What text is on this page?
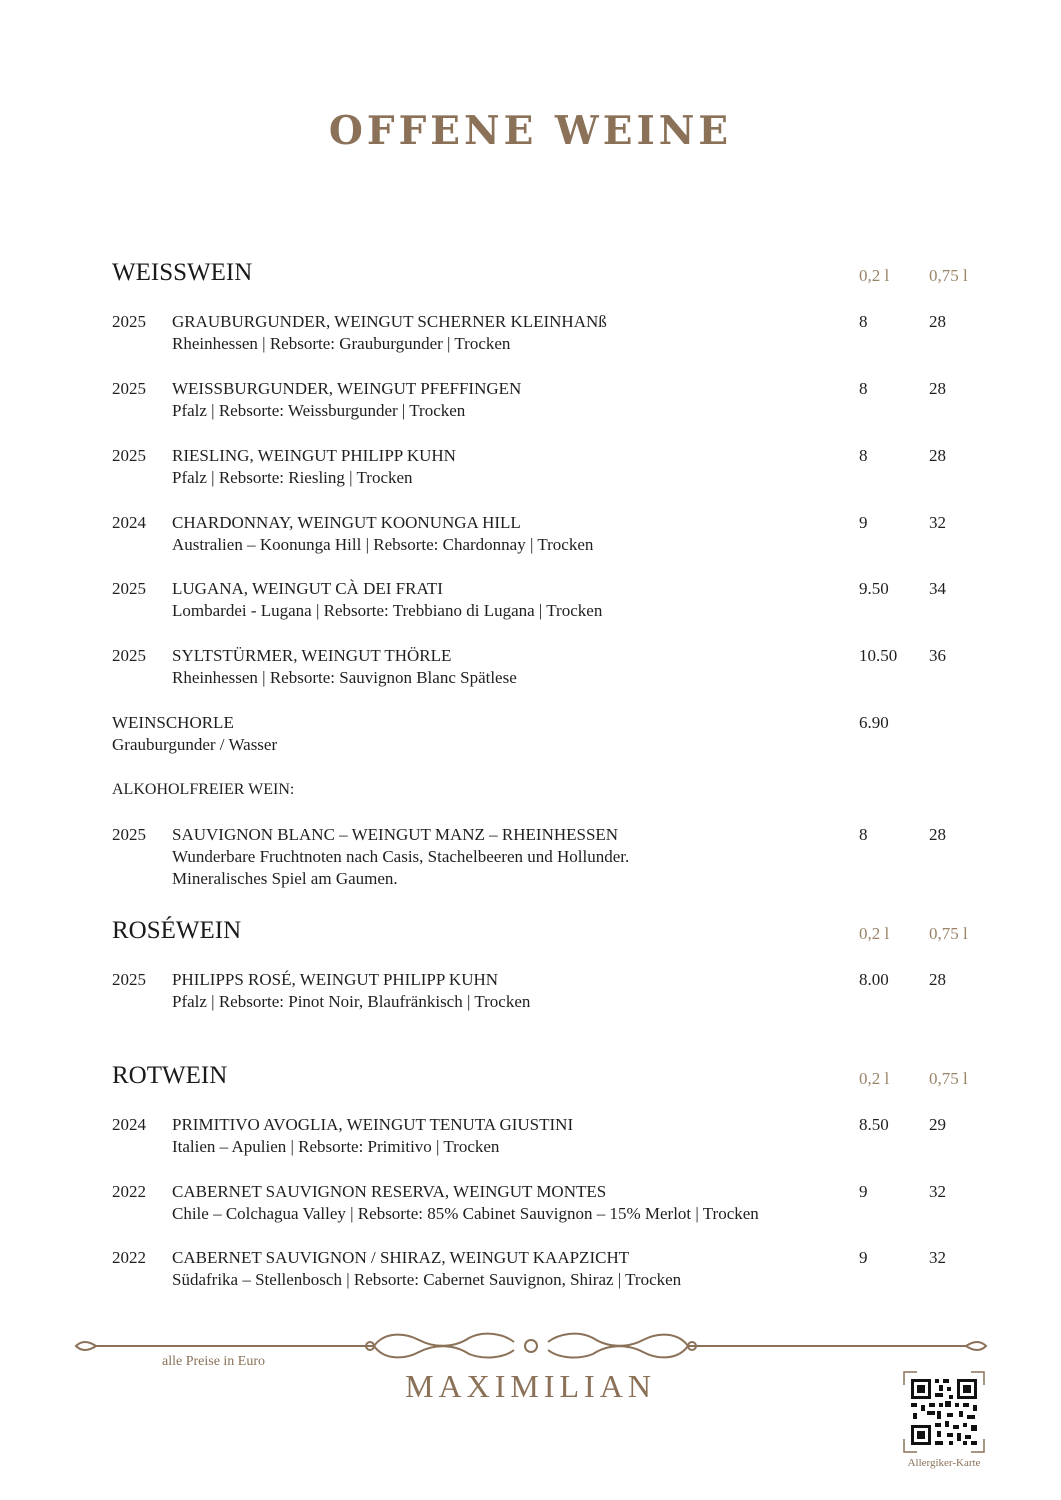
OFFENE WEINE
WEISSWEIN	0,2 l 0,75 l
2025 GRAUBURGUNDER, WEINGUT SCHERNER KLEINHANß
Rheinhessen | Rebsorte: Grauburgunder | Trocken
8	28
2025 WEISSBURGUNDER, WEINGUT PFEFFINGEN
Pfalz | Rebsorte: Weissburgunder | Trocken
8	28
2025 RIESLING, WEINGUT PHILIPP KUHN
Pfalz | Rebsorte: Riesling | Trocken
8	28
2024 CHARDONNAY, WEINGUT KOONUNGA HILL
Australien – Koonunga Hill | Rebsorte: Chardonnay | Trocken
9	32
2025 LUGANA, WEINGUT CÀ DEI FRATI
Lombardei - Lugana | Rebsorte: Trebbiano di Lugana | Trocken
9.50 34
2025 SYLTSTÜRMER, WEINGUT THÖRLE
Rheinhessen | Rebsorte: Sauvignon Blanc Spätlese
10.50 36
WEINSCHORLE
Grauburgunder / Wasser
6.90
ALKOHOLFREIER WEIN:
2025 SAUVIGNON BLANC – WEINGUT MANZ – RHEINHESSEN
Wunderbare Fruchtnoten nach Casis, Stachelbeeren und Hollunder.
Mineralisches Spiel am Gaumen.
8	28
ROSÉWEIN	0,2 l 0,75 l
2025 PHILIPPS ROSÉ, WEINGUT PHILIPP KUHN
Pfalz | Rebsorte: Pinot Noir, Blaufränkisch | Trocken
8.00 28
ROTWEIN	0,2 l 0,75 l
2024 PRIMITIVO AVOGLIA, WEINGUT TENUTA GIUSTINI
Italien – Apulien | Rebsorte: Primitivo | Trocken
8.50 29
2022 CABERNET SAUVIGNON RESERVA, WEINGUT MONTES
Chile – Colchagua Valley | Rebsorte: 85% Cabinet Sauvignon – 15% Merlot | Trocken
9	32
2022 CABERNET SAUVIGNON / SHIRAZ, WEINGUT KAAPZICHT
Südafrika – Stellenbosch | Rebsorte: Cabernet Sauvignon, Shiraz | Trocken
9	32
alle Preise in Euro
MAXIMILIAN
Allergiker-Karte
